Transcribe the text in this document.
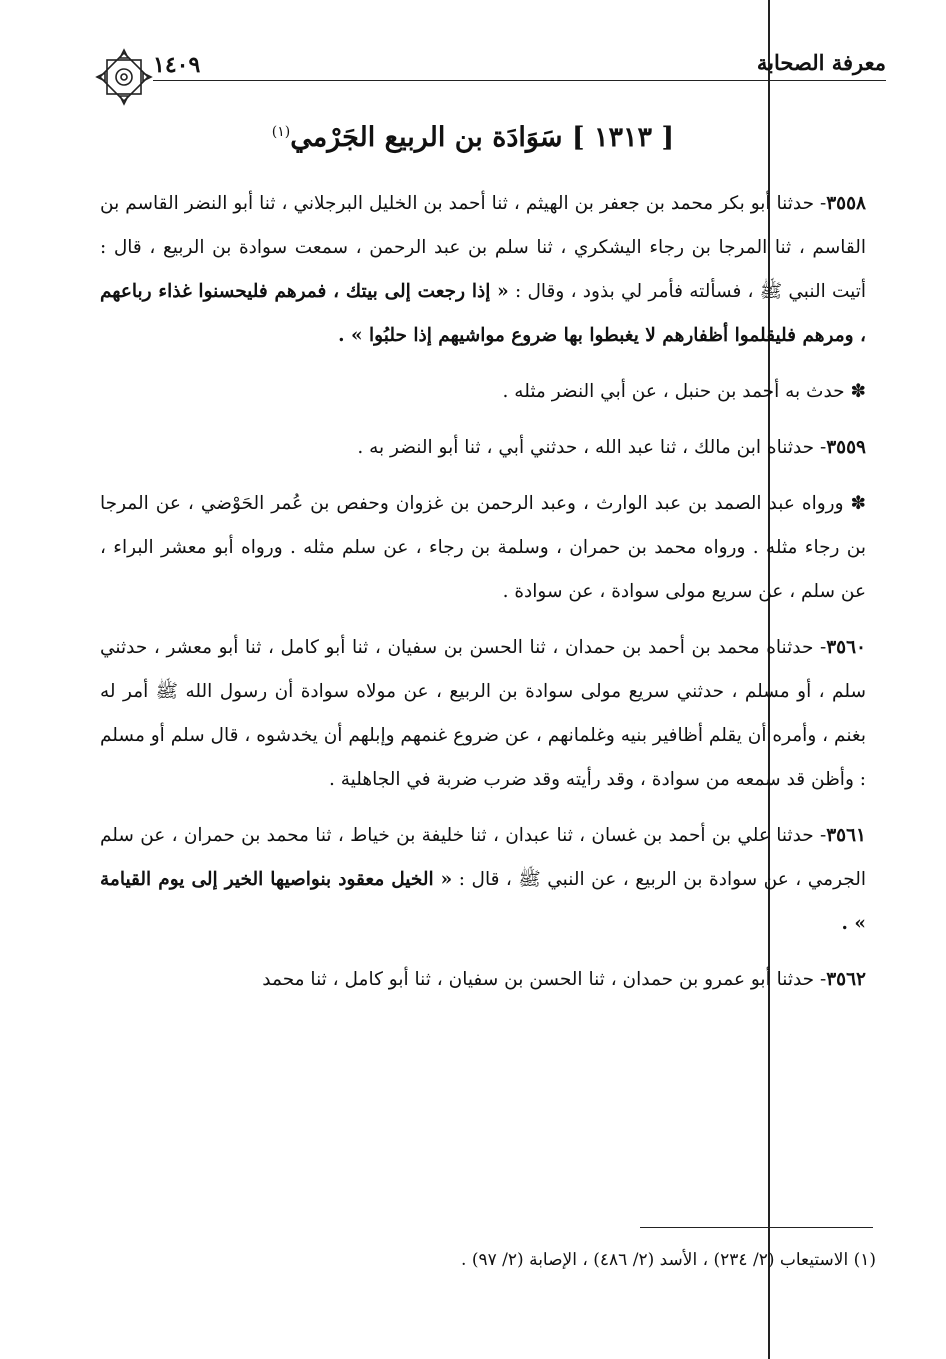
معرفة الصحابة
١٤٠٩
[ ١٣١٣ ] سَوَادَة بن الربيع الجَرْمي$^{(١)}$

٣٥٥٨- حدثنا أبو بكر محمد بن جعفر بن الهيثم ، ثنا أحمد بن الخليل البرجلاني ، ثنا أبو النضر القاسم بن القاسم ، ثنا المرجا بن رجاء اليشكري ، ثنا سلم بن عبد الرحمن ، سمعت سوادة بن الربيع ، قال : أتيت النبي ﷺ ، فسألته فأمر لي بذود ، وقال : « إذا رجعت إلى بيتك ، فمرهم فليحسنوا غذاء رباعهم ، ومرهم فليقلموا أظفارهم لا يغبطوا بها ضروع مواشيهم إذا حلبُوا » .

✽ حدث به أحمد بن حنبل ، عن أبي النضر مثله .

٣٥٥٩- حدثناه ابن مالك ، ثنا عبد الله ، حدثني أبي ، ثنا أبو النضر به .

✽ ورواه عبد الصمد بن عبد الوارث ، وعبد الرحمن بن غزوان وحفص بن عُمر الحَوْضي ، عن المرجا بن رجاء مثله . ورواه محمد بن حمران ، وسلمة بن رجاء ، عن سلم مثله . ورواه أبو معشر البراء ، عن سلم ، عن سريع مولى سوادة ، عن سوادة .

٣٥٦٠- حدثناه محمد بن أحمد بن حمدان ، ثنا الحسن بن سفيان ، ثنا أبو كامل ، ثنا أبو معشر ، حدثني سلم ، أو مسلم ، حدثني سريع مولى سوادة بن الربيع ، عن مولاه سوادة أن رسول الله ﷺ أمر له بغنم ، وأمره أن يقلم أظافير بنيه وغلمانهم ، عن ضروع غنمهم وإبلهم أن يخدشوه ، قال سلم أو مسلم : وأظن قد سمعه من سوادة ، وقد رأيته وقد ضرب ضربة في الجاهلية .

٣٥٦١- حدثنا علي بن أحمد بن غسان ، ثنا عبدان ، ثنا خليفة بن خياط ، ثنا محمد بن حمران ، عن سلم الجرمي ، عن سوادة بن الربيع ، عن النبي ﷺ ، قال : « الخيل معقود بنواصيها الخير إلى يوم القيامة » .

٣٥٦٢- حدثنا أبو عمرو بن حمدان ، ثنا الحسن بن سفيان ، ثنا أبو كامل ، ثنا محمد

(١) الاستيعاب (٢/ ٢٣٤) ، الأسد (٢/ ٤٨٦) ، الإصابة (٢/ ٩٧) .
